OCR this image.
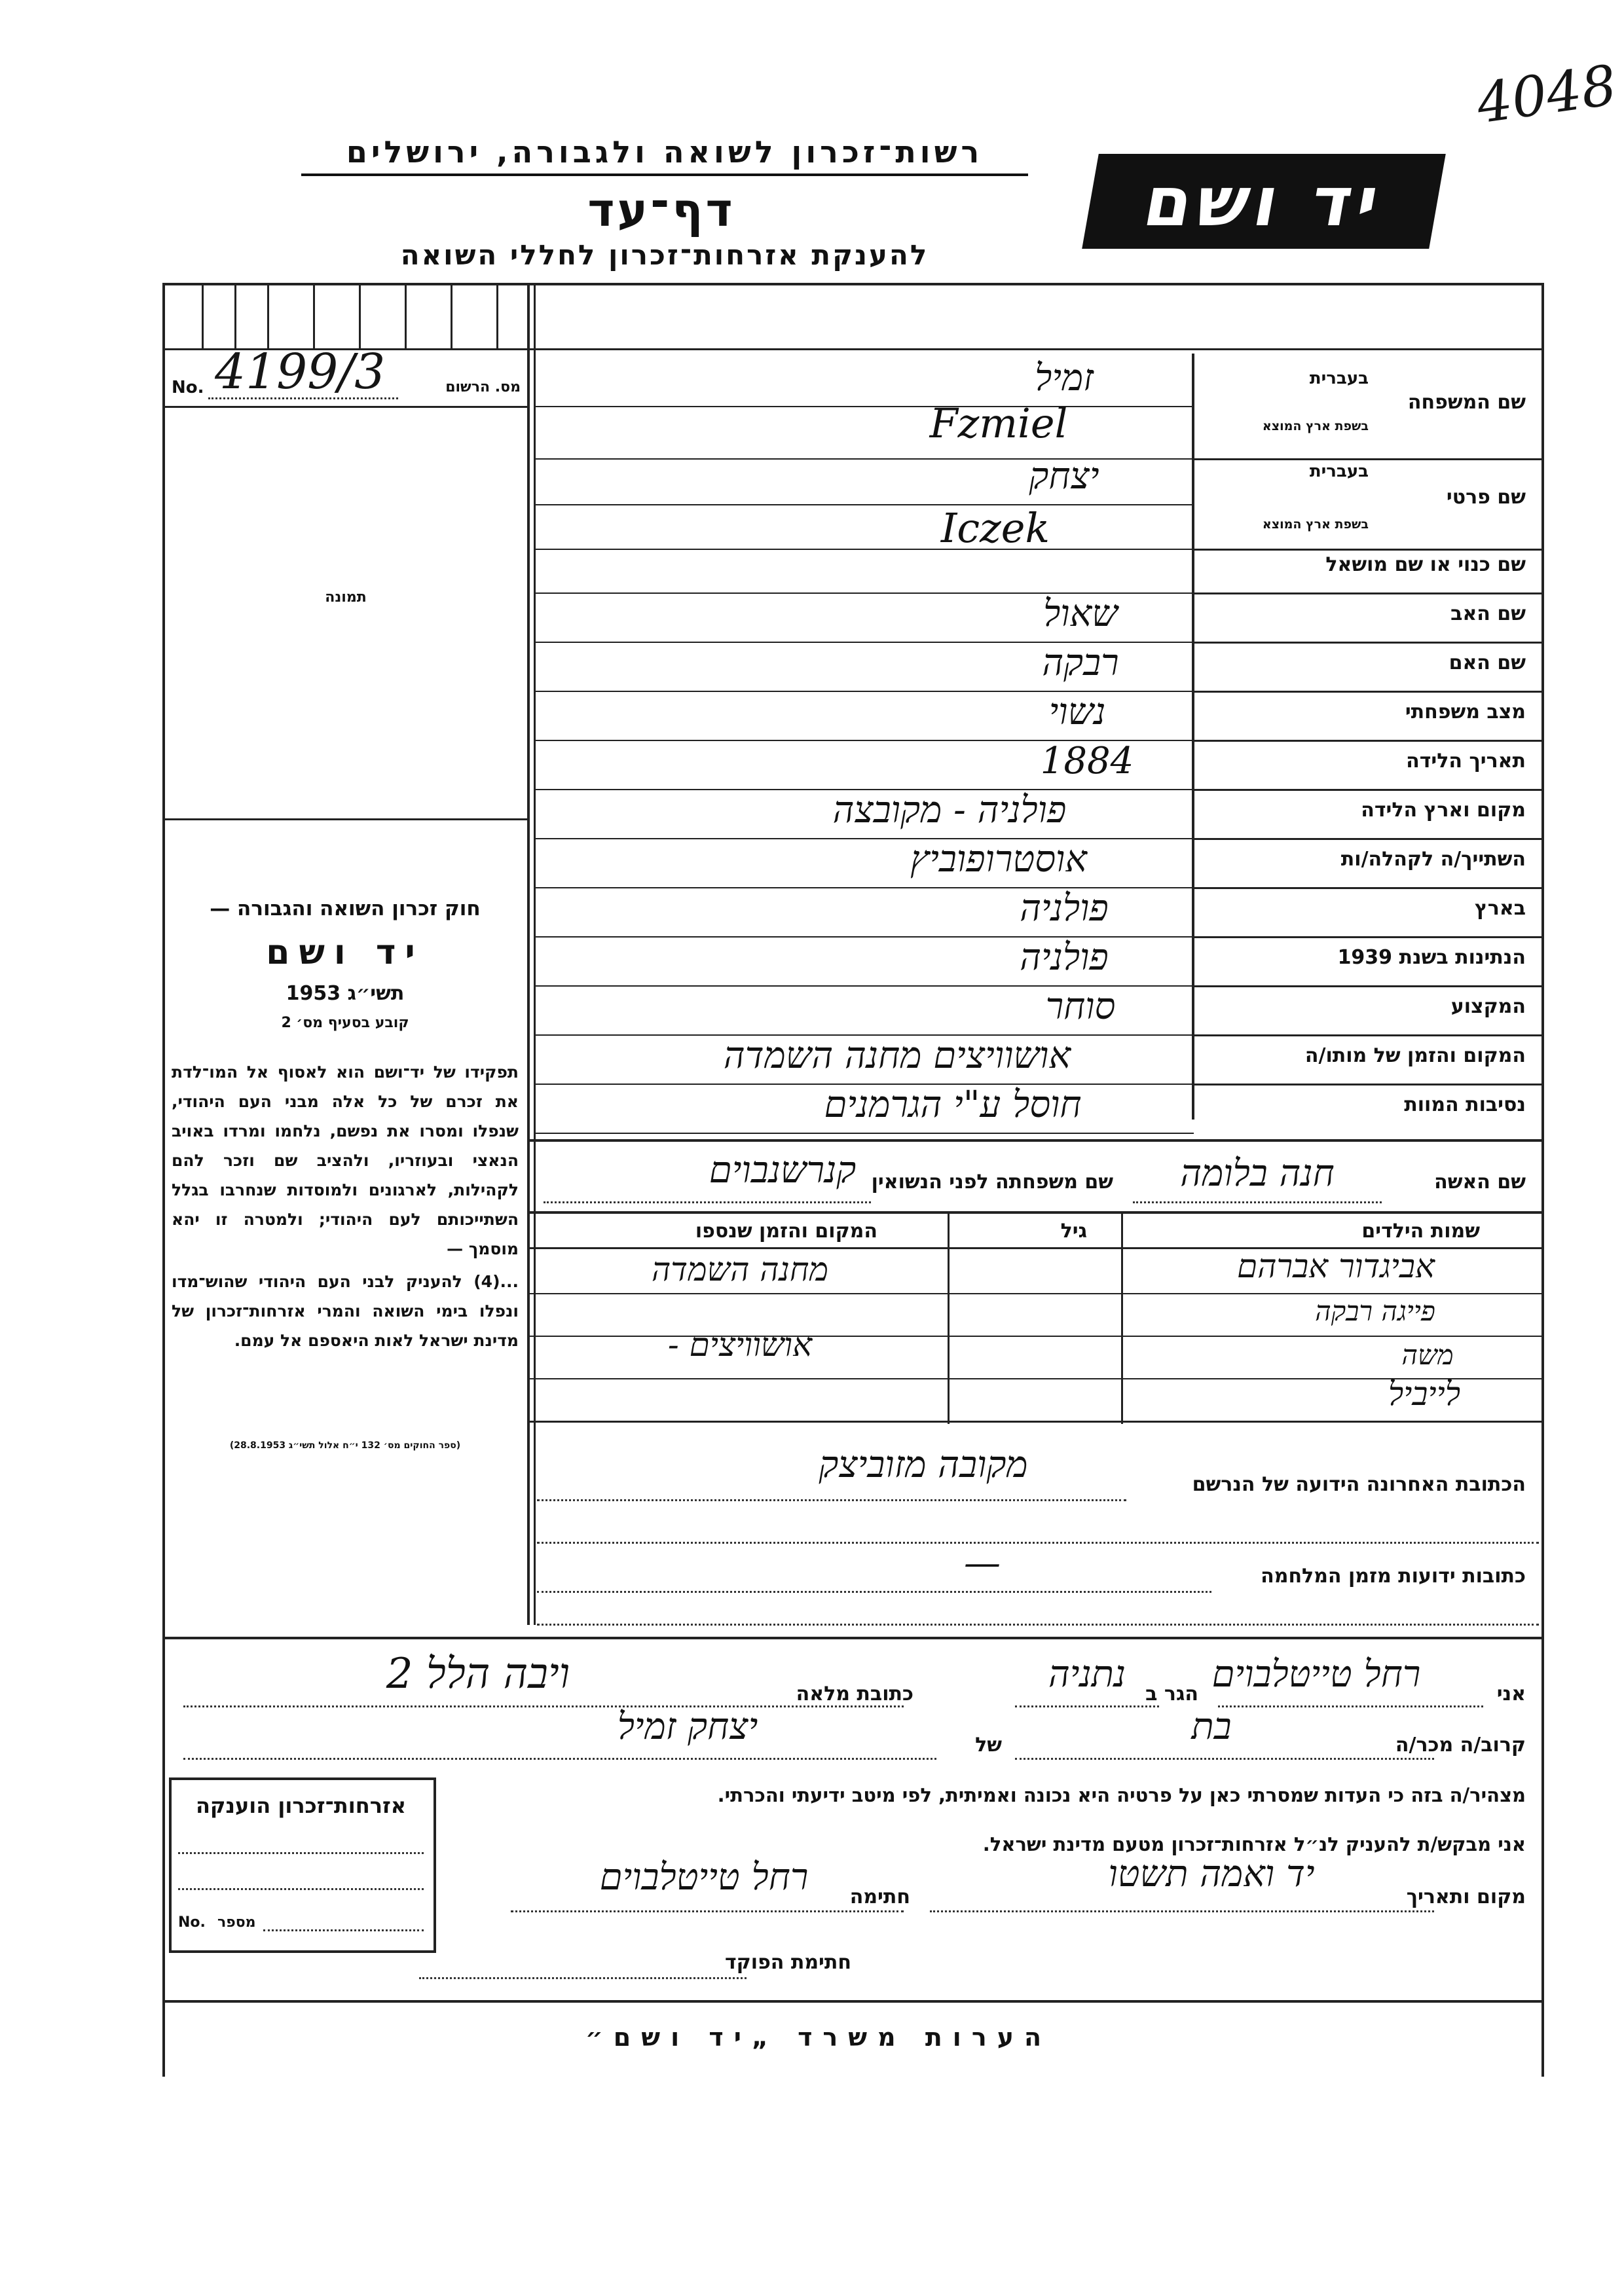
4048
רשות־זכרון לשואה ולגבורה, ירושלים
דף־עד
להענקת אזרחות־זכרון לחללי השואה
יד ושם
No.	מס. הרשום
4199/3
תמונה
חוק זכרון השואה והגבורה —
יד ושם
תשי״ג 1953
קובע בסעיף מס׳ 2
תפקידו של יד־ושם הוא לאסוף אל המו־לדת את זכרם של כל אלה מבני העם היהודי, שנפלו ומסרו את נפשם, נלחמו ומרדו באויב הנאצי ובעוזריו, ולהציב שם וזכר להם לקהילות, לארגונים ולמוסדות שנחרבו בגלל השתייכותם לעם היהודי; ולמטרה זו יהא מוסמך —
...(4) להעניק לבני העם היהודי שהוש־מדו ונפלו בימי השואה והמרי אזרחות־זכרון של מדינת ישראל לאות היאספם אל עמם.
(ספר החוקים מס׳ 132 י״ח אלול תשי״ג 28.8.1953)
שם המשפחה
בעברית
בשפת ארץ המוצא
שם פרטי
בעברית
בשפת ארץ המוצא
שם כנוי או שם מושאל
שם האב
שם האם
מצב משפחתי
תאריך הלידה
מקום וארץ הלידה
השתייך/ה לקהלה/ות
בארץ
הנתינות בשנת 1939
המקצוע
המקום והזמן של מותו/ה
נסיבות המוות
זמיל
Fzmiel
יצחק
Iczek
שאול
רבקה
נשוי
1884
פולניה - מקובצה
אוסטרופוביץ
פולניה
פולניה
סוחר
אושוויצים מחנה השמדה
חוסל ע"י הגרמנים
שם האשה
חנה בלומה
שם משפחתה לפני הנשואין
קנרשנבוים
שמות הילדים
גיל
המקום והזמן שנספו
אביגדור אברהם
פייגה רבקה
משה
לייביל
מחנה השמדה
אושוויצים -
הכתובת האחרונה הידועה של הנרשם
מקובה מזוביצק
כתובות ידועות מזמן המלחמה
—
אני
רחל טייטלבוים
הגר ב
נתניה
כתובת מלאה
ויבה הלל 2
קרוב/ה מכר/ה
בת
של
יצחק זמיל
מצהיר/ה בזה כי העדות שמסרתי כאן על פרטיה היא נכונה ואמיתית, לפי מיטב ידיעתי והכרתי.
אני מבקש/ת להעניק לנ״ל אזרחות־זכרון מטעם מדינת ישראל.
מקום ותאריך
יד ואמה תשטו
חתימה
רחל טייטלבוים
חתימת הפוקד
אזרחות־זכרון הוענקה
No. מספר
הערות משרד „יד ושם״
